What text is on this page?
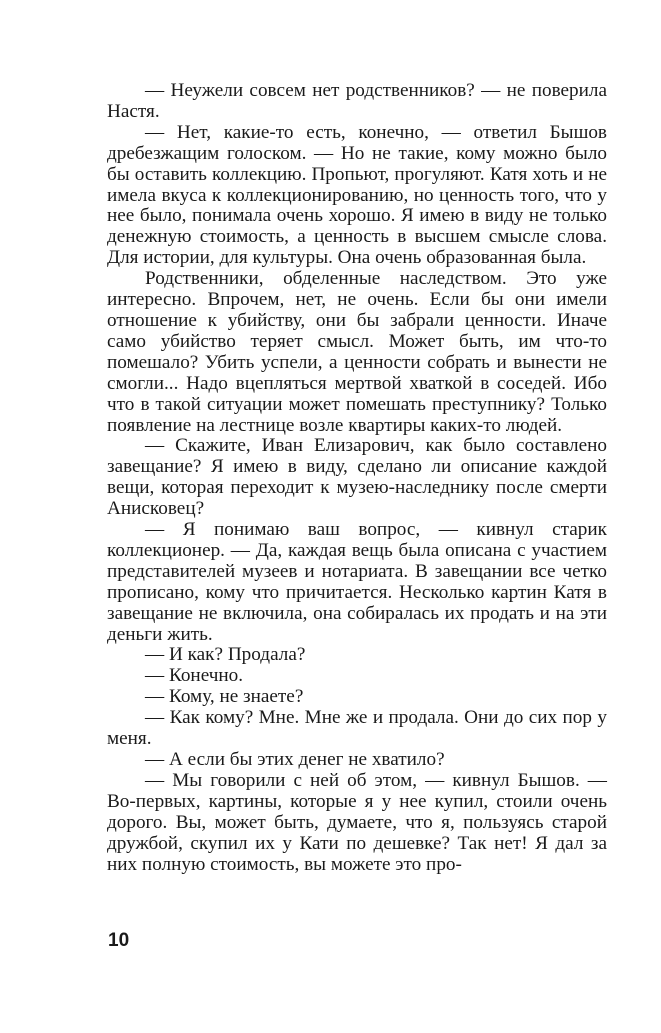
— Неужели совсем нет родственников? — не поверила Настя.

— Нет, какие-то есть, конечно, — ответил Бышов дребезжащим голоском. — Но не такие, кому можно было бы оставить коллекцию. Пропьют, прогуляют. Катя хоть и не имела вкуса к коллекционированию, но ценность того, что у нее было, понимала очень хорошо. Я имею в виду не только денежную стоимость, а ценность в высшем смысле слова. Для истории, для культуры. Она очень образованная была.

Родственники, обделенные наследством. Это уже интересно. Впрочем, нет, не очень. Если бы они имели отношение к убийству, они бы забрали ценности. Иначе само убийство теряет смысл. Может быть, им что-то помешало? Убить успели, а ценности собрать и вынести не смогли... Надо вцепляться мертвой хваткой в соседей. Ибо что в такой ситуации может помешать преступнику? Только появление на лестнице возле квартиры каких-то людей.

— Скажите, Иван Елизарович, как было составлено завещание? Я имею в виду, сделано ли описание каждой вещи, которая переходит к музею-наследнику после смерти Анисковец?

— Я понимаю ваш вопрос, — кивнул старик коллекционер. — Да, каждая вещь была описана с участием представителей музеев и нотариата. В завещании все четко прописано, кому что причитается. Несколько картин Катя в завещание не включила, она собиралась их продать и на эти деньги жить.

— И как? Продала?

— Конечно.

— Кому, не знаете?

— Как кому? Мне. Мне же и продала. Они до сих пор у меня.

— А если бы этих денег не хватило?

— Мы говорили с ней об этом, — кивнул Бышов. — Во-первых, картины, которые я у нее купил, стоили очень дорого. Вы, может быть, думаете, что я, пользуясь старой дружбой, скупил их у Кати по дешевке? Так нет! Я дал за них полную стоимость, вы можете это про-

10
